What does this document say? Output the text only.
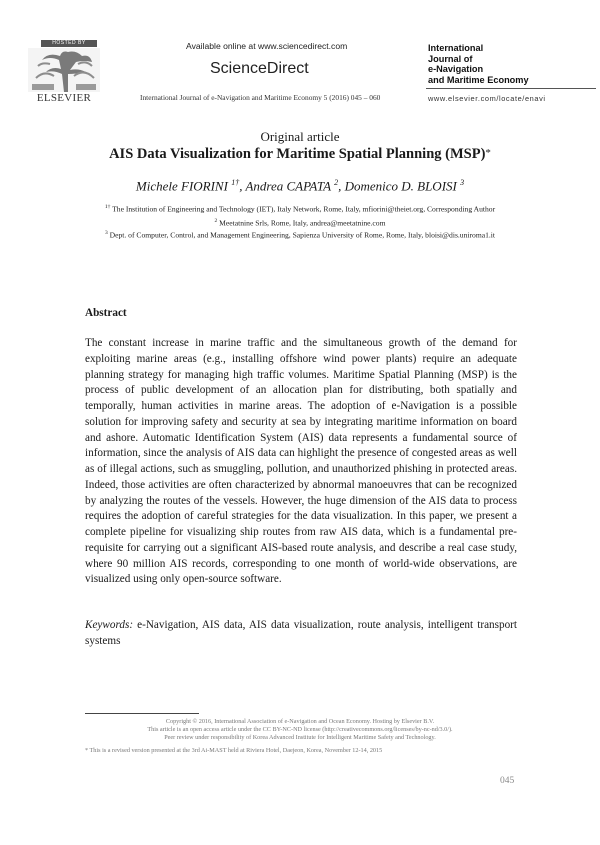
HOSTED BY
ELSEVIER
Available online at www.sciencedirect.com
ScienceDirect
International Journal of e-Navigation and Maritime Economy 5 (2016) 045 – 060
International
Journal of
e-Navigation
and Maritime Economy
www.elsevier.com/locate/enavi
Original article
AIS Data Visualization for Maritime Spatial Planning (MSP)*
Michele FIORINI $^{1\dagger}$, Andrea CAPATA $^2$, Domenico D. BLOISI $^3$
$^{1\dagger}$ The Institution of Engineering and Technology (IET), Italy Network, Rome, Italy, mfiorini@theiet.org, Corresponding Author
$^2$ Meetatnine Srls, Rome, Italy, andrea@meetatnine.com
$^3$ Dept. of Computer, Control, and Management Engineering, Sapienza University of Rome, Rome, Italy, bloisi@dis.uniroma1.it
Abstract
The constant increase in marine traffic and the simultaneous growth of the demand for exploiting marine areas (e.g., installing offshore wind power plants) require an adequate planning strategy for managing high traffic volumes. Maritime Spatial Planning (MSP) is the process of public development of an allocation plan for distributing, both spatially and temporally, human activities in marine areas. The adoption of e-Navigation is a possible solution for improving safety and security at sea by integrating maritime information on board and ashore. Automatic Identification System (AIS) data represents a fundamental source of information, since the analysis of AIS data can highlight the presence of congested areas as well as of illegal actions, such as smuggling, pollution, and unauthorized phishing in protected areas. Indeed, those activities are often characterized by abnormal manoeuvres that can be recognized by analyzing the routes of the vessels. However, the huge dimension of the AIS data to process requires the adoption of careful strategies for the data visualization. In this paper, we present a complete pipeline for visualizing ship routes from raw AIS data, which is a fundamental pre-requisite for carrying out a significant AIS-based route analysis, and describe a real case study, where 90 million AIS records, corresponding to one month of world-wide observations, are visualized using only open-source software.
Keywords: e-Navigation, AIS data, AIS data visualization, route analysis, intelligent transport systems
Copyright © 2016, International Association of e-Navigation and Ocean Economy. Hosting by Elsevier B.V.
This article is an open access article under the CC BY-NC-ND license (http://creativecommons.org/licenses/by-nc-nd/3.0/).
Peer review under responsibility of Korea Advanced Institute for Intelligent Maritime Safety and Technology.
* This is a revised version presented at the 3rd Ai-MAST held at Riviera Hotel, Daejeon, Korea, November 12-14, 2015
045
